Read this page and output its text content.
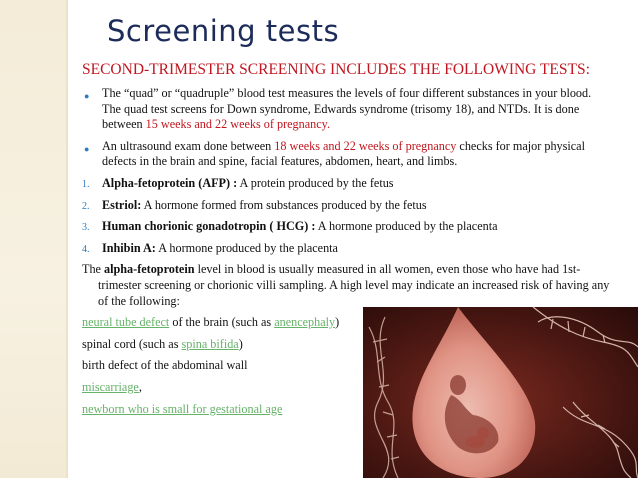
Screening tests
SECOND-TRIMESTER SCREENING INCLUDES THE FOLLOWING TESTS:
● The “quad” or “quadruple” blood test measures the levels of four different substances in your blood. The quad test screens for Down syndrome, Edwards syndrome (trisomy 18), and NTDs. It is done between 15 weeks and 22 weeks of pregnancy.
● An ultrasound exam done between 18 weeks and 22 weeks of pregnancy checks for major physical defects in the brain and spine, facial features, abdomen, heart, and limbs.
1. Alpha-fetoprotein (AFP) : A protein produced by the fetus
2. Estriol: A hormone formed from substances produced by the fetus
3. Human chorionic gonadotropin ( HCG) : A hormone produced by the placenta
4. Inhibin A: A hormone produced by the placenta
The alpha-fetoprotein level in blood is usually measured in all women, even those who have had 1st-trimester screening or chorionic villi sampling. A high level may indicate an increased risk of having any of the following:
neural tube defect of the brain (such as anencephaly)
spinal cord (such as spina bifida)
birth defect of the abdominal wall
miscarriage,
newborn who is small for gestational age
